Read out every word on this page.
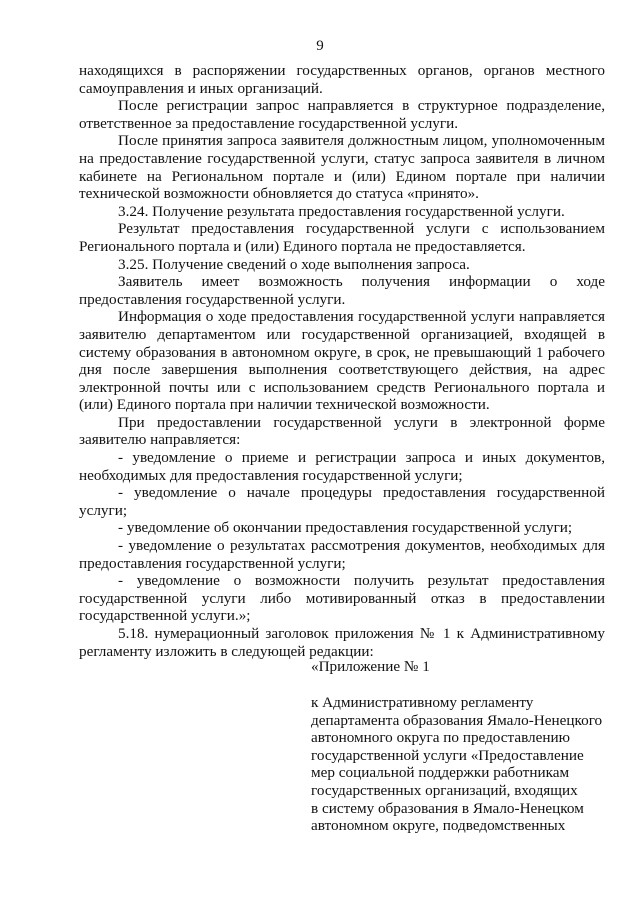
9

находящихся в распоряжении государственных органов, органов местного самоуправления и иных организаций.

После регистрации запрос направляется в структурное подразделение, ответственное за предоставление государственной услуги.

После принятия запроса заявителя должностным лицом, уполномоченным на предоставление государственной услуги, статус запроса заявителя в личном кабинете на Региональном портале и (или) Едином портале при наличии технической возможности обновляется до статуса «принято».

3.24. Получение результата предоставления государственной услуги.

Результат предоставления государственной услуги с использованием Регионального портала и (или) Единого портала не предоставляется.

3.25. Получение сведений о ходе выполнения запроса.

Заявитель имеет возможность получения информации о ходе предоставления государственной услуги.

Информация о ходе предоставления государственной услуги направляется заявителю департаментом или государственной организацией, входящей в систему образования в автономном округе, в срок, не превышающий 1 рабочего дня после завершения выполнения соответствующего действия, на адрес электронной почты или с использованием средств Регионального портала и (или) Единого портала при наличии технической возможности.

При предоставлении государственной услуги в электронной форме заявителю направляется:

- уведомление о приеме и регистрации запроса и иных документов, необходимых для предоставления государственной услуги;

- уведомление о начале процедуры предоставления государственной услуги;

- уведомление об окончании предоставления государственной услуги;

- уведомление о результатах рассмотрения документов, необходимых для предоставления государственной услуги;

- уведомление о возможности получить результат предоставления государственной услуги либо мотивированный отказ в предоставлении государственной услуги.»;

5.18. нумерационный заголовок приложения № 1 к Административному регламенту изложить в следующей редакции:

«Приложение № 1
к Административному регламенту
департамента образования Ямало-Ненецкого
автономного округа по предоставлению
государственной услуги «Предоставление
мер социальной поддержки работникам
государственных организаций, входящих
в систему образования в Ямало-Ненецком
автономном округе, подведомственных
